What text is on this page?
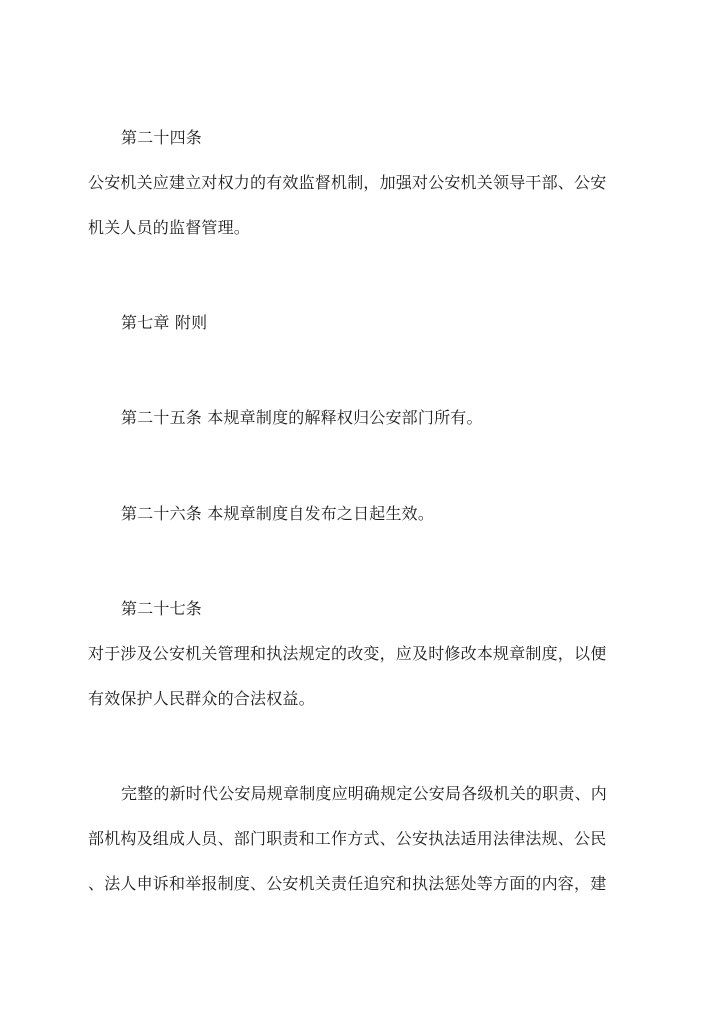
第二十四条
公安机关应建立对权力的有效监督机制，加强对公安机关领导干部、公安
机关人员的监督管理。
第七章 附则
第二十五条 本规章制度的解释权归公安部门所有。
第二十六条 本规章制度自发布之日起生效。
第二十七条
对于涉及公安机关管理和执法规定的改变，应及时修改本规章制度，以便
有效保护人民群众的合法权益。
完整的新时代公安局规章制度应明确规定公安局各级机关的职责、内
部机构及组成人员、部门职责和工作方式、公安执法适用法律法规、公民
、法人申诉和举报制度、公安机关责任追究和执法惩处等方面的内容，建
